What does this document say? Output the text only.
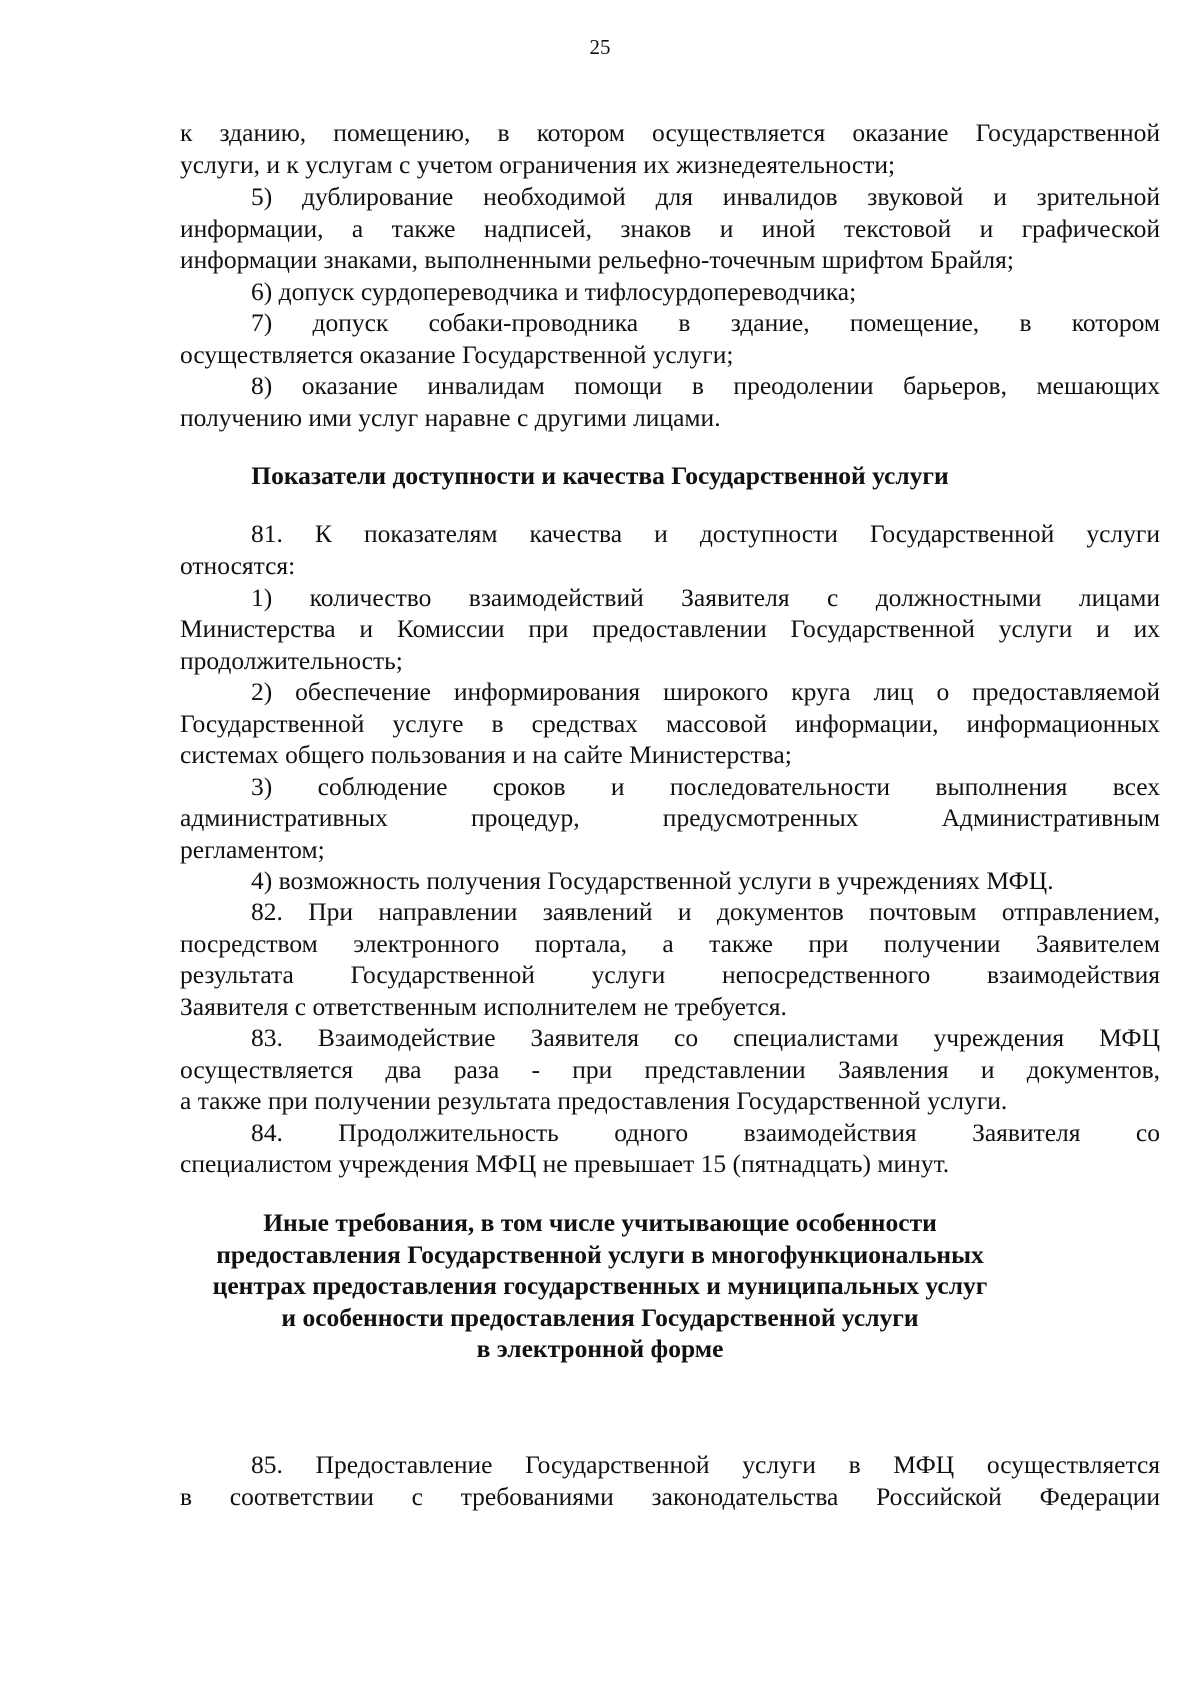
25

к зданию, помещению, в котором осуществляется оказание Государственной

услуги, и к услугам с учетом ограничения их жизнедеятельности;

5) дублирование необходимой для инвалидов звуковой и зрительной

информации, а также надписей, знаков и иной текстовой и графической

информации знаками, выполненными рельефно-точечным шрифтом Брайля;

6) допуск сурдопереводчика и тифлосурдопереводчика;

7) допуск собаки-проводника в здание, помещение, в котором

осуществляется оказание Государственной услуги;

8) оказание инвалидам помощи в преодолении барьеров, мешающих

получению ими услуг наравне с другими лицами.

Показатели доступности и качества Государственной услуги

81. К показателям качества и доступности Государственной услуги

относятся:

1) количество взаимодействий Заявителя с должностными лицами

Министерства и Комиссии при предоставлении Государственной услуги и их

продолжительность;

2) обеспечение информирования широкого круга лиц о предоставляемой

Государственной услуге в средствах массовой информации, информационных

системах общего пользования и на сайте Министерства;

3) соблюдение сроков и последовательности выполнения всех

административных процедур, предусмотренных Административным

регламентом;

4) возможность получения Государственной услуги в учреждениях МФЦ.

82. При направлении заявлений и документов почтовым отправлением,

посредством электронного портала, а также при получении Заявителем

результата Государственной услуги непосредственного взаимодействия

Заявителя с ответственным исполнителем не требуется.

83. Взаимодействие Заявителя со специалистами учреждения МФЦ

осуществляется два раза - при представлении Заявления и документов,

а также при получении результата предоставления Государственной услуги.

84. Продолжительность одного взаимодействия Заявителя со

специалистом учреждения МФЦ не превышает 15 (пятнадцать) минут.

Иные требования, в том числе учитывающие особенности
предоставления Государственной услуги в многофункциональных
центрах предоставления государственных и муниципальных услуг
и особенности предоставления Государственной услуги
в электронной форме

85. Предоставление Государственной услуги в МФЦ осуществляется

в соответствии с требованиями законодательства Российской Федерации
